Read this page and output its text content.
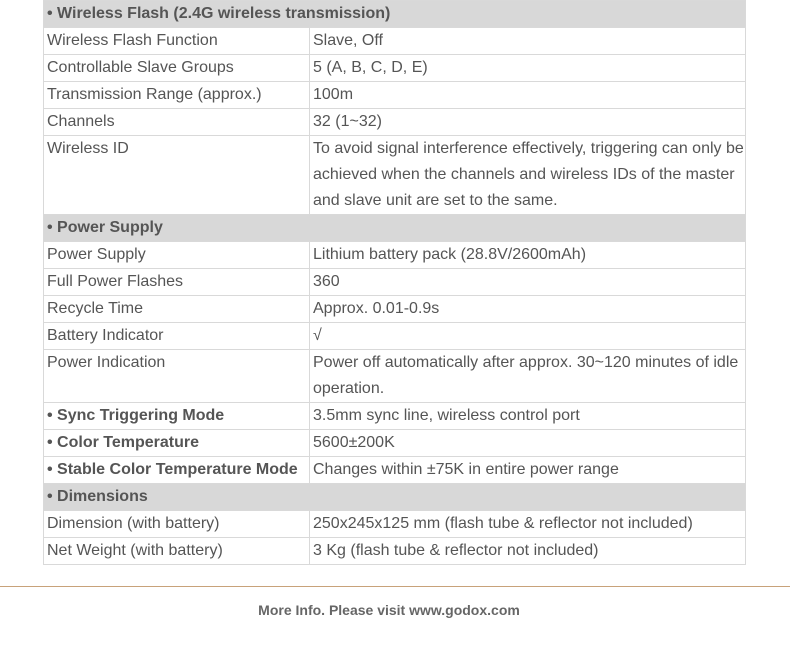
• Wireless Flash (2.4G wireless transmission)	
Wireless Flash Function	Slave, Off
Controllable Slave Groups	5 (A, B, C, D, E)
Transmission Range (approx.)	100m
Channels	32 (1~32)
Wireless ID	To avoid signal interference effectively, triggering can only be achieved when the channels and wireless IDs of the master and slave unit are set to the same.
• Power Supply	
Power Supply	Lithium battery pack (28.8V/2600mAh)
Full Power Flashes	360
Recycle Time	Approx. 0.01-0.9s
Battery Indicator	√
Power Indication	Power off automatically after approx. 30~120 minutes of idle operation.
• Sync Triggering Mode	3.5mm sync line, wireless control port
• Color Temperature	5600±200K
• Stable Color Temperature Mode	Changes within ±75K in entire power range
• Dimensions	
Dimension (with battery)	250x245x125 mm (flash tube & reflector not included)
Net Weight (with battery)	3 Kg (flash tube & reflector not included)
More Info. Please visit www.godox.com
